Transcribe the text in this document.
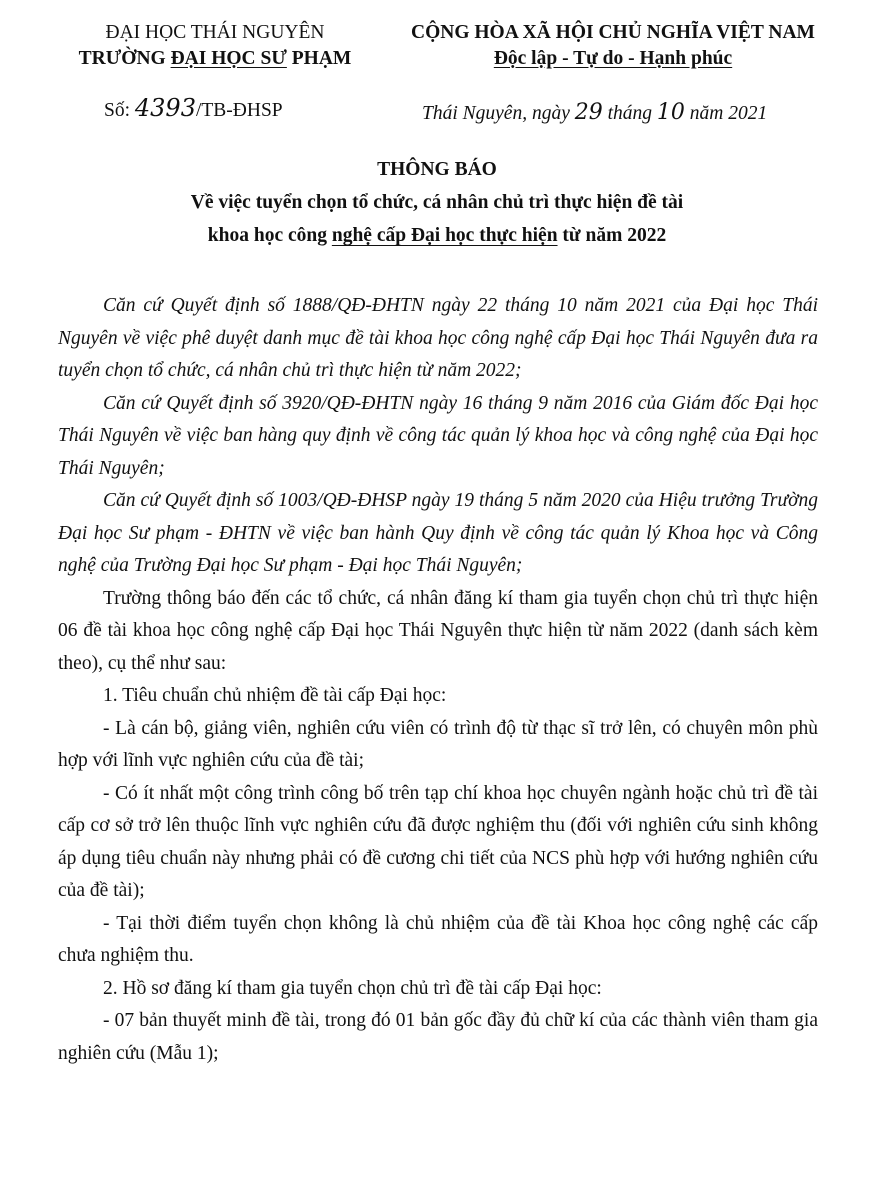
ĐẠI HỌC THÁI NGUYÊN
TRƯỜNG ĐẠI HỌC SƯ PHẠM
CỘNG HÒA XÃ HỘI CHỦ NGHĨA VIỆT NAM
Độc lập - Tự do - Hạnh phúc
Số: 4393/TB-ĐHSP	Thái Nguyên, ngày 29 tháng 10 năm 2021
THÔNG BÁO
Về việc tuyển chọn tổ chức, cá nhân chủ trì thực hiện đề tài
khoa học công nghệ cấp Đại học thực hiện từ năm 2022

Căn cứ Quyết định số 1888/QĐ-ĐHTN ngày 22 tháng 10 năm 2021 của Đại học Thái Nguyên về việc phê duyệt danh mục đề tài khoa học công nghệ cấp Đại học Thái Nguyên đưa ra tuyển chọn tổ chức, cá nhân chủ trì thực hiện từ năm 2022;

Căn cứ Quyết định số 3920/QĐ-ĐHTN ngày 16 tháng 9 năm 2016 của Giám đốc Đại học Thái Nguyên về việc ban hàng quy định về công tác quản lý khoa học và công nghệ của Đại học Thái Nguyên;

Căn cứ Quyết định số 1003/QĐ-ĐHSP ngày 19 tháng 5 năm 2020 của Hiệu trưởng Trường Đại học Sư phạm - ĐHTN về việc ban hành Quy định về công tác quản lý Khoa học và Công nghệ của Trường Đại học Sư phạm - Đại học Thái Nguyên;

Trường thông báo đến các tổ chức, cá nhân đăng kí tham gia tuyển chọn chủ trì thực hiện 06 đề tài khoa học công nghệ cấp Đại học Thái Nguyên thực hiện từ năm 2022 (danh sách kèm theo), cụ thể như sau:

1. Tiêu chuẩn chủ nhiệm đề tài cấp Đại học:

- Là cán bộ, giảng viên, nghiên cứu viên có trình độ từ thạc sĩ trở lên, có chuyên môn phù hợp với lĩnh vực nghiên cứu của đề tài;

- Có ít nhất một công trình công bố trên tạp chí khoa học chuyên ngành hoặc chủ trì đề tài cấp cơ sở trở lên thuộc lĩnh vực nghiên cứu đã được nghiệm thu (đối với nghiên cứu sinh không áp dụng tiêu chuẩn này nhưng phải có đề cương chi tiết của NCS phù hợp với hướng nghiên cứu của đề tài);

- Tại thời điểm tuyển chọn không là chủ nhiệm của đề tài Khoa học công nghệ các cấp chưa nghiệm thu.

2. Hồ sơ đăng kí tham gia tuyển chọn chủ trì đề tài cấp Đại học:

- 07 bản thuyết minh đề tài, trong đó 01 bản gốc đầy đủ chữ kí của các thành viên tham gia nghiên cứu (Mẫu 1);
